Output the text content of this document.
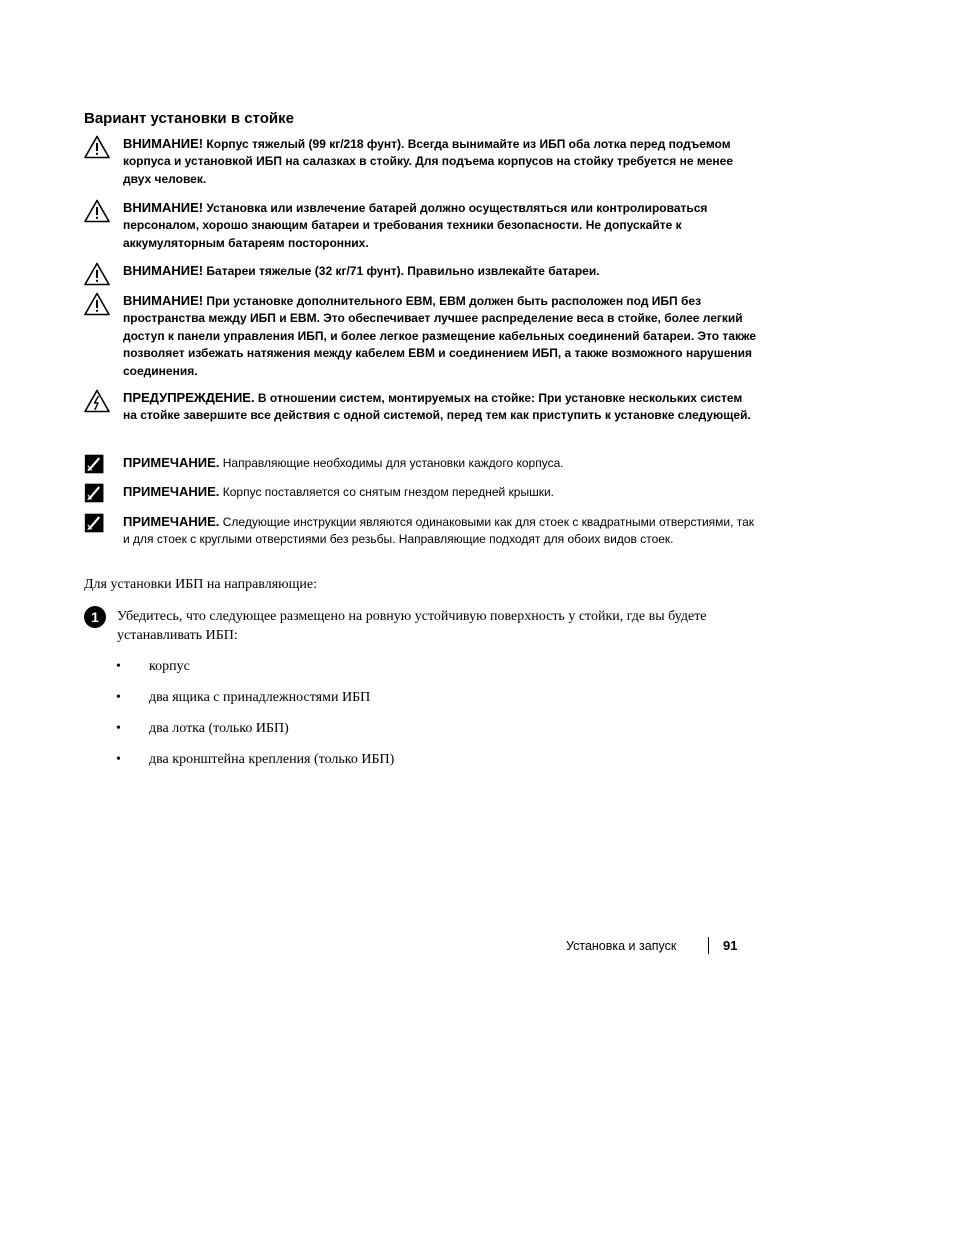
Вариант установки в стойке
ВНИМАНИЕ! Корпус тяжелый (99 кг/218 фунт). Всегда вынимайте из ИБП оба лотка перед подъемом корпуса и установкой ИБП на салазках в стойку. Для подъема корпусов на стойку требуется не менее двух человек.
ВНИМАНИЕ! Установка или извлечение батарей должно осуществляться или контролироваться персоналом, хорошо знающим батареи и требования техники безопасности. Не допускайте к аккумуляторным батареям посторонних.
ВНИМАНИЕ! Батареи тяжелые (32 кг/71 фунт). Правильно извлекайте батареи.
ВНИМАНИЕ! При установке дополнительного EBM, EBM должен быть расположен под ИБП без пространства между ИБП и EBM. Это обеспечивает лучшее распределение веса в стойке, более легкий доступ к панели управления ИБП, и более легкое размещение кабельных соединений батареи. Это также позволяет избежать натяжения между кабелем EBM и соединением ИБП, а также возможного нарушения соединения.
ПРЕДУПРЕЖДЕНИЕ. В отношении систем, монтируемых на стойке: При установке нескольких систем на стойке завершите все действия с одной системой, перед тем как приступить к установке следующей.
ПРИМЕЧАНИЕ. Направляющие необходимы для установки каждого корпуса.
ПРИМЕЧАНИЕ. Корпус поставляется со снятым гнездом передней крышки.
ПРИМЕЧАНИЕ. Следующие инструкции являются одинаковыми как для стоек с квадратными отверстиями, так и для стоек с круглыми отверстиями без резьбы. Направляющие подходят для обоих видов стоек.
Для установки ИБП на направляющие:
1	Убедитесь, что следующее размещено на ровную устойчивую поверхность у стойки, где вы будете устанавливать ИБП:
• корпус
• два ящика с принадлежностями ИБП
• два лотка (только ИБП)
• два кронштейна крепления (только ИБП)
Установка и запуск	91
